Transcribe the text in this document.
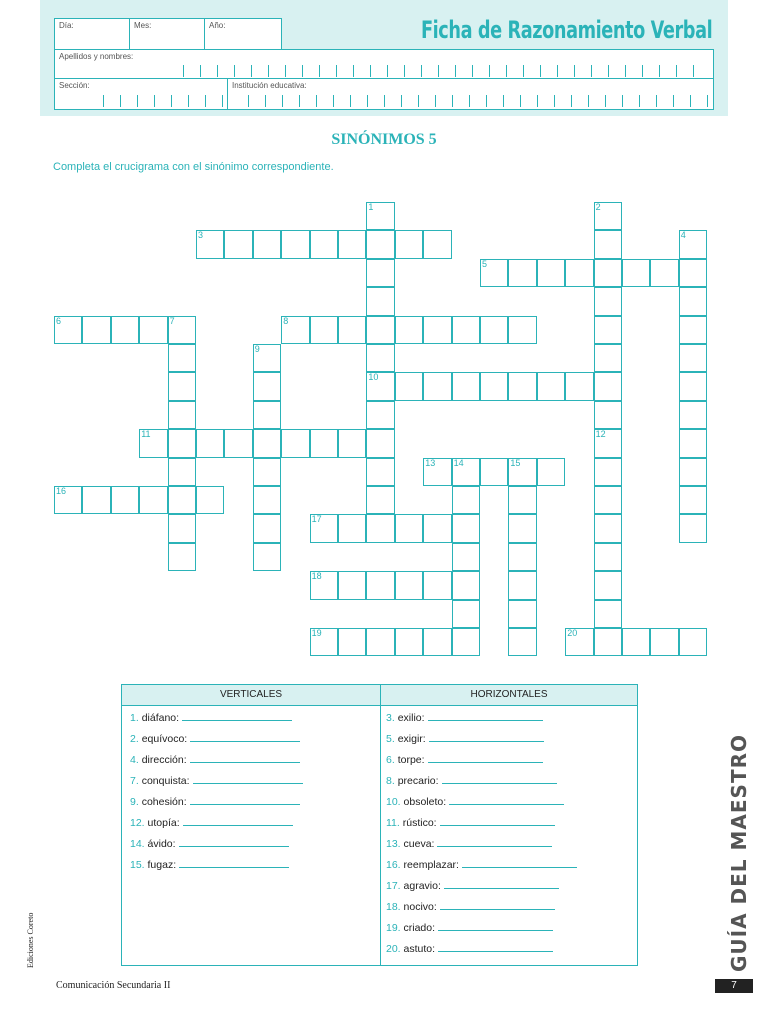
Día:	Mes:	Año:	Ficha de Razonamiento Verbal
Apellidos y nombres:
Sección:	Institución educativa:
SINÓNIMOS 5
Completa el crucigrama con el sinónimo correspondiente.
1	2
3	4
5
6	7	8
9
10
11	12
13 14	15
16
17
18
19	20
VERTICALES	HORIZONTALES
1. diáfano:
2. equívoco:
4. dirección:
7. conquista:
9. cohesión:
12. utopía:
14. ávido:
15. fugaz:
3. exilio:
5. exigir:
6. torpe:
8. precario:
10. obsoleto:
11. rústico:
13. cueva:
16. reemplazar:
17. agravio:
18. nocivo:
19. criado:
20. astuto:	GUÍA DEL MAESTRO
Ediciones Coreto
Comunicación Secundaria II	7
